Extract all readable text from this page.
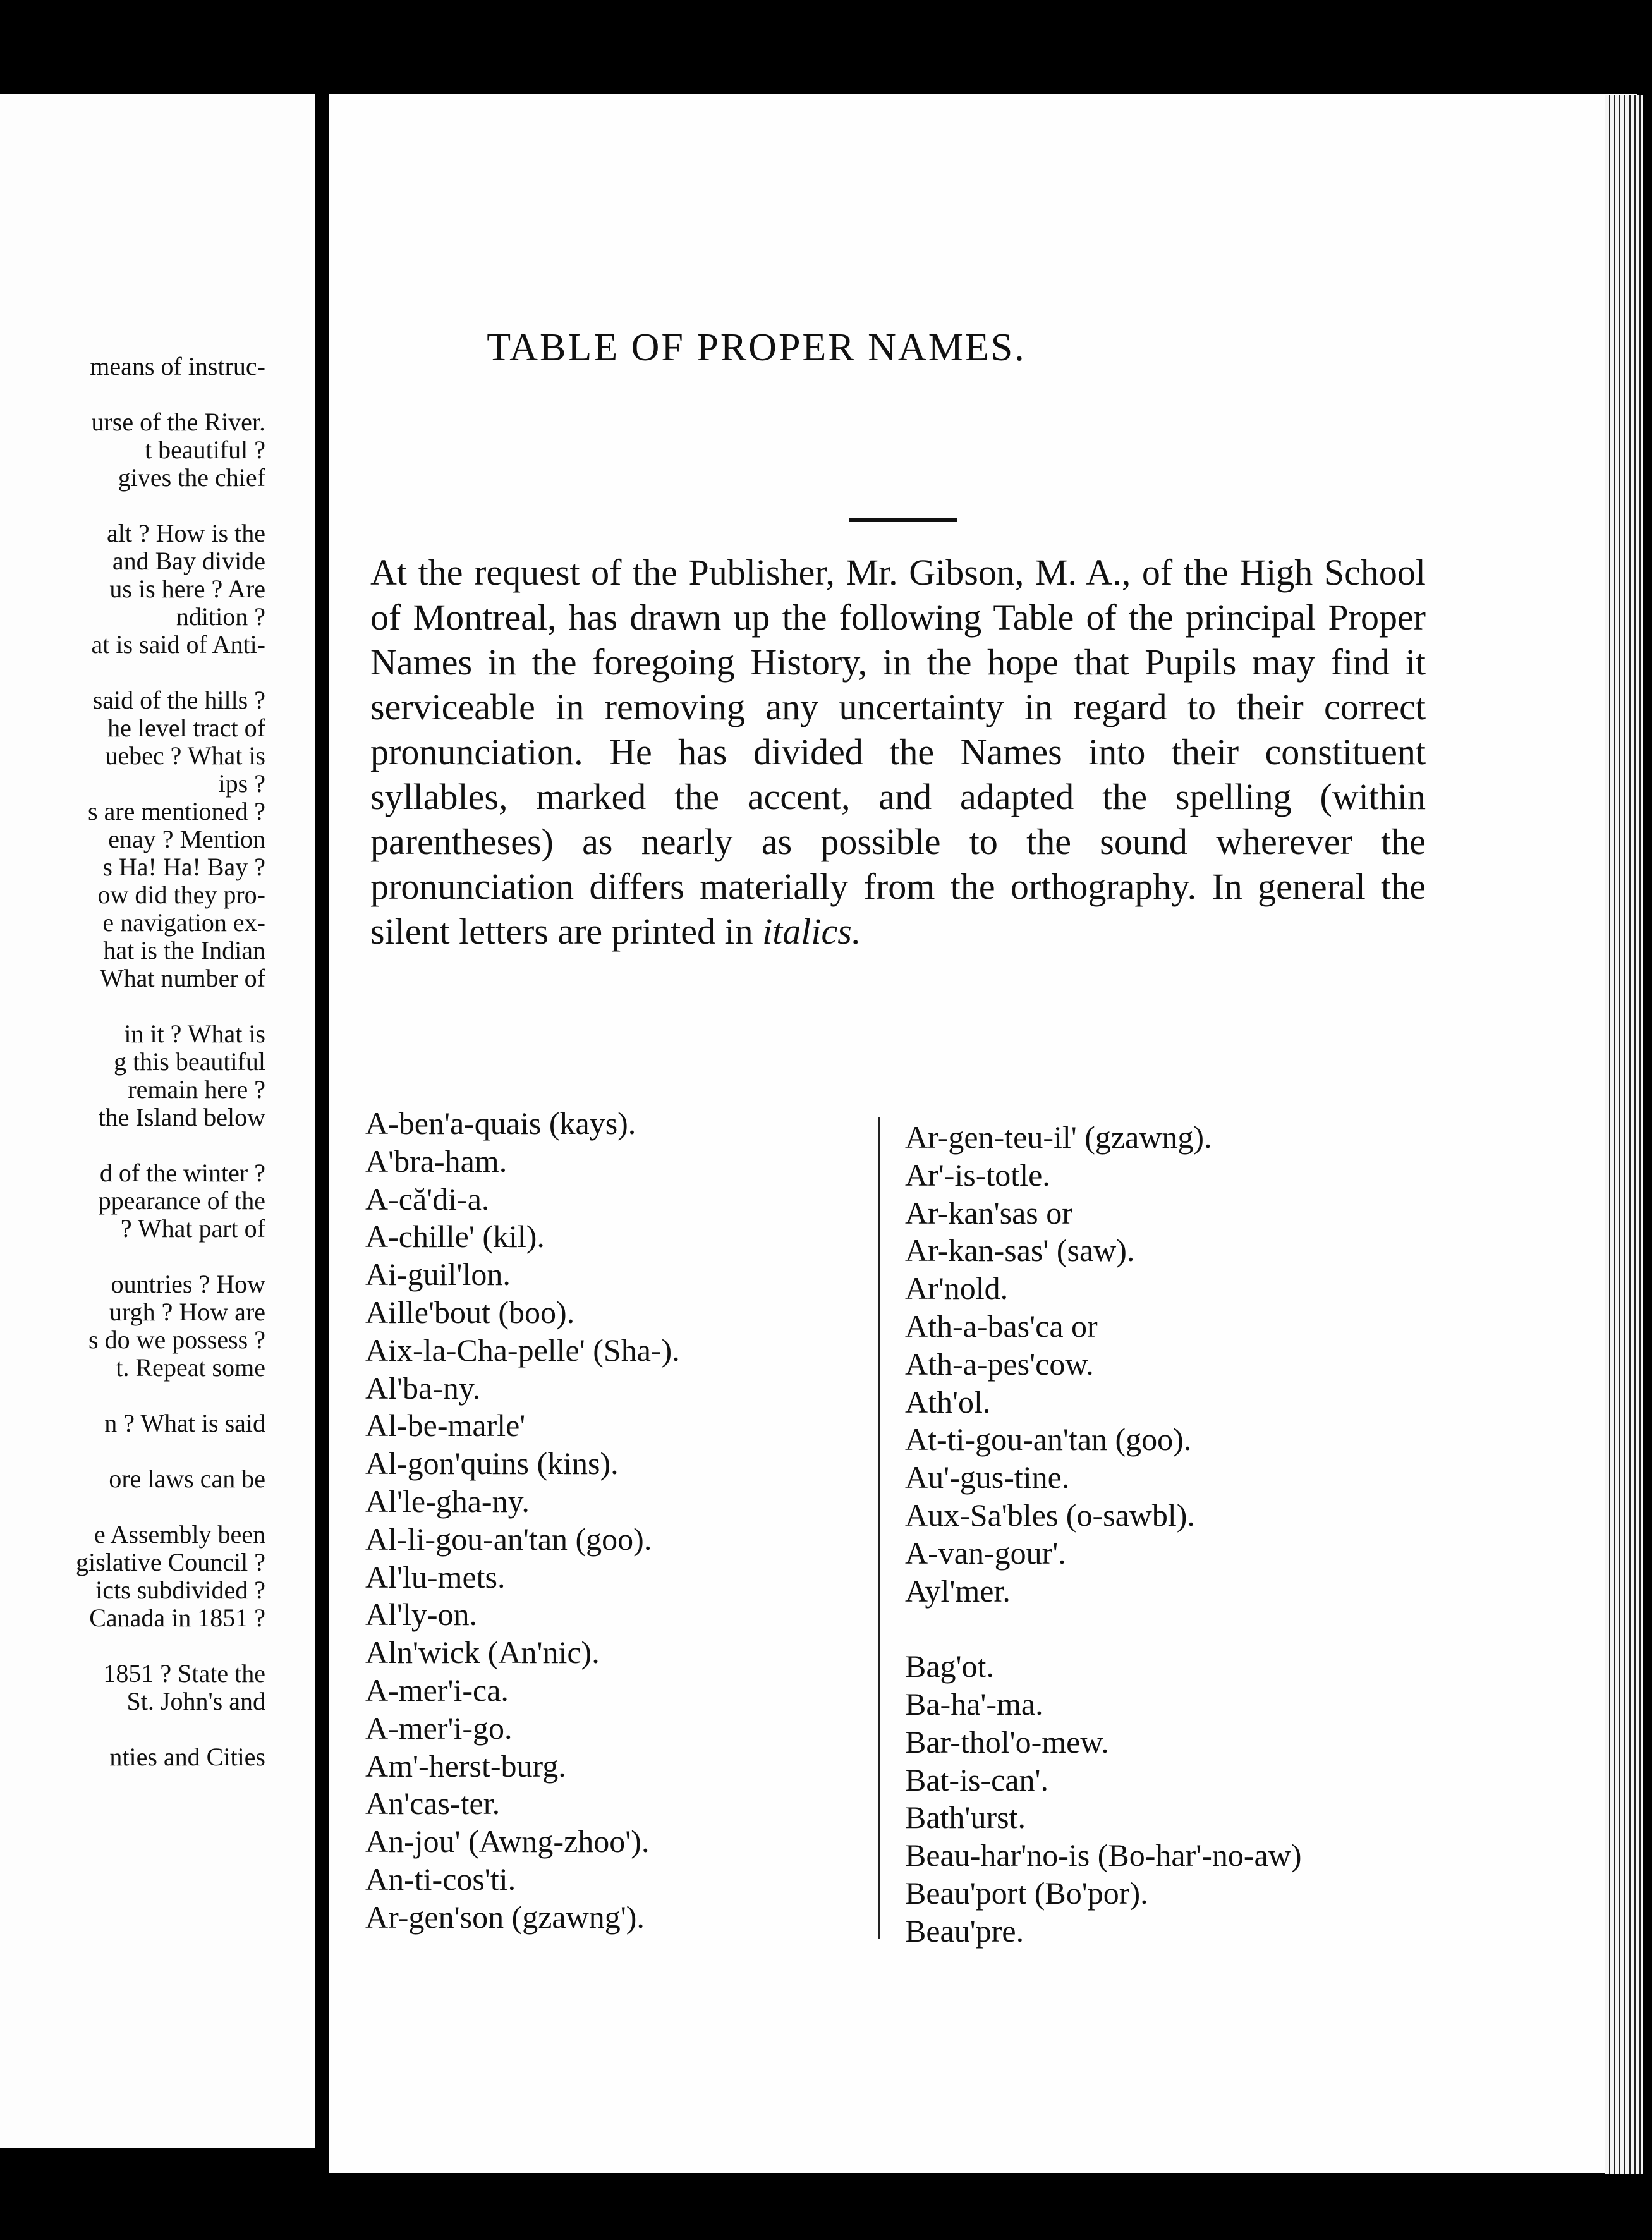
means of instruc-

urse of the River.
t beautiful ?
gives the chief

alt ? How is the
and Bay divide
us is here ? Are
ndition ?
at is said of Anti-

said of the hills ?
he level tract of
uebec ? What is
ips ?
s are mentioned ?
enay ? Mention
s Ha! Ha! Bay ?
ow did they pro-
e navigation ex-
hat is the Indian
What number of

in it ? What is
g this beautiful
remain here ?
the Island below

d of the winter ?
ppearance of the
? What part of

ountries ? How
urgh ? How are
s do we possess ?
t. Repeat some

n ? What is said

ore laws can be

e Assembly been
gislative Council ?
icts subdivided ?
Canada in 1851 ?

1851 ? State the
St. John's and

nties and Cities
TABLE OF PROPER NAMES.
At the request of the Publisher, Mr. Gibson, M. A., of the High School of Montreal, has drawn up the following Table of the principal Proper Names in the foregoing History, in the hope that Pupils may find it serviceable in removing any uncertainty in regard to their correct pronunciation. He has divided the Names into their constituent syllables, marked the accent, and adapted the spelling (within parentheses) as nearly as possible to the sound wherever the pronunciation differs materially from the orthography. In general the silent letters are printed in italics.
A-ben'a-quais (kays).
A'bra-ham.
A-că'di-a.
A-chille' (kil).
Ai-guil'lon.
Aille'bout (boo).
Aix-la-Cha-pelle' (Sha-).
Al'ba-ny.
Al-be-marle'
Al-gon'quins (kins).
Al'le-gha-ny.
Al-li-gou-an'tan (goo).
Al'lu-mets.
Al'ly-on.
Aln'wick (An'nic).
A-mer'i-ca.
A-mer'i-go.
Am'-herst-burg.
An'cas-ter.
An-jou' (Awng-zhoo').
An-ti-cos'ti.
Ar-gen'son (gzawng').
Ar-gen-teu-il' (gzawng).
Ar'-is-totle.
Ar-kan'sas or
Ar-kan-sas' (saw).
Ar'nold.
Ath-a-bas'ca or
Ath-a-pes'cow.
Ath'ol.
At-ti-gou-an'tan (goo).
Au'-gus-tine.
Aux-Sa'bles (o-sawbl).
A-van-gour'.
Ayl'mer.

Bag'ot.
Ba-ha'-ma.
Bar-thol'o-mew.
Bat-is-can'.
Bath'urst.
Beau-har'no-is (Bo-har'-no-aw)
Beau'port (Bo'por).
Beau'pre.
